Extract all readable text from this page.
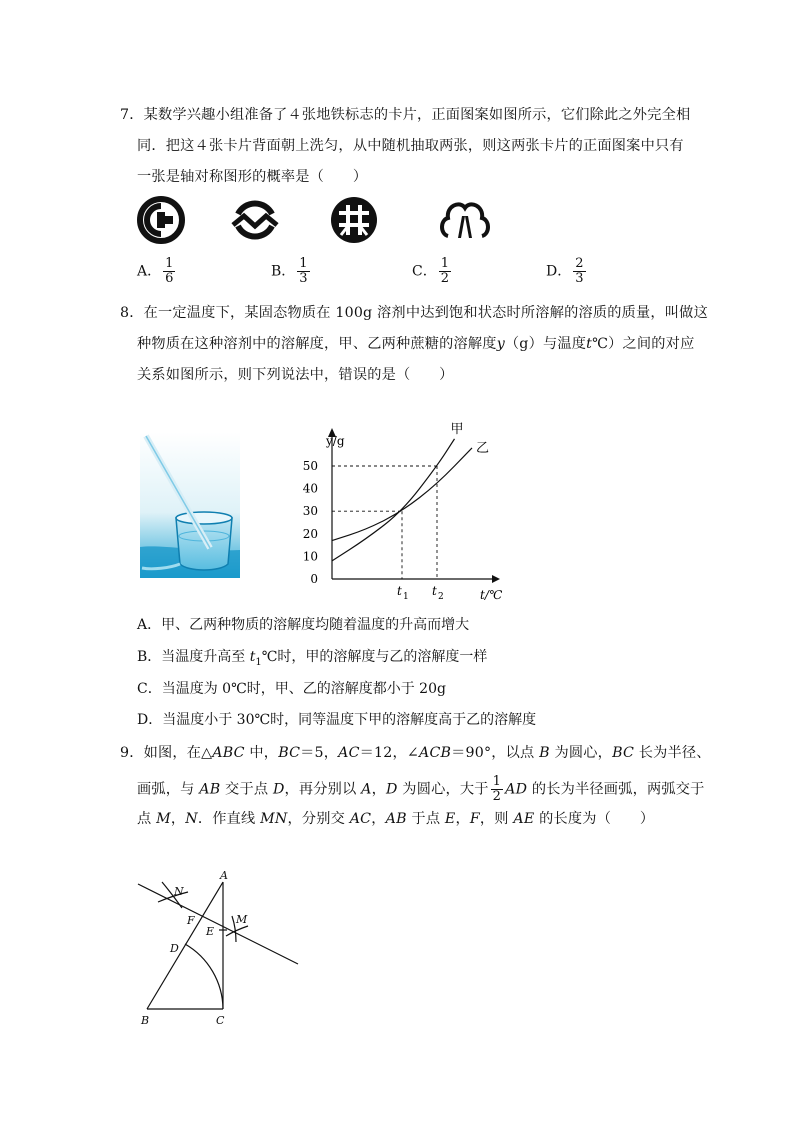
7．某数学兴趣小组准备了４张地铁标志的卡片，正面图案如图所示，它们除此之外完全相
同．把这４张卡片背面朝上洗匀，从中随机抽取两张，则这两张卡片的正面图案中只有
一张是轴对称图形的概率是（　　）
A． $\frac{1}{6}$	B． $\frac{1}{3}$	C． $\frac{1}{2}$	D． $\frac{2}{3}$
8．在一定温度下，某固态物质在 100g 溶剂中达到饱和状态时所溶解的溶质的质量，叫做这
种物质在这种溶剂中的溶解度，甲、乙两种蔗糖的溶解度y（g）与温度t℃）之间的对应
关系如图所示，则下列说法中，错误的是（　　）
0
10
20
30
40
50
y/g
t/℃
t 1 t 2
甲
乙
A．甲、乙两种物质的溶解度均随着温度的升高而增大
B．当温度升高至 $t_1℃$时，甲的溶解度与乙的溶解度一样
C．当温度为 0℃时，甲、乙的溶解度都小于 20g
D．当温度小于 30℃时，同等温度下甲的溶解度高于乙的溶解度
9．如图，在△ABC 中，BC＝5，AC＝12，∠ACB＝90°，以点 B 为圆心，BC 长为半径、
画弧，与 AB 交于点 D，再分别以 A，D 为圆心，大于 $\frac{1}{2}$ AD 的长为半径画弧，两弧交于
点 M，N．作直线 MN，分别交 AC，AB 于点 E，F，则 AE 的长度为（　　）
A
N
F	M
E
D
B	C
